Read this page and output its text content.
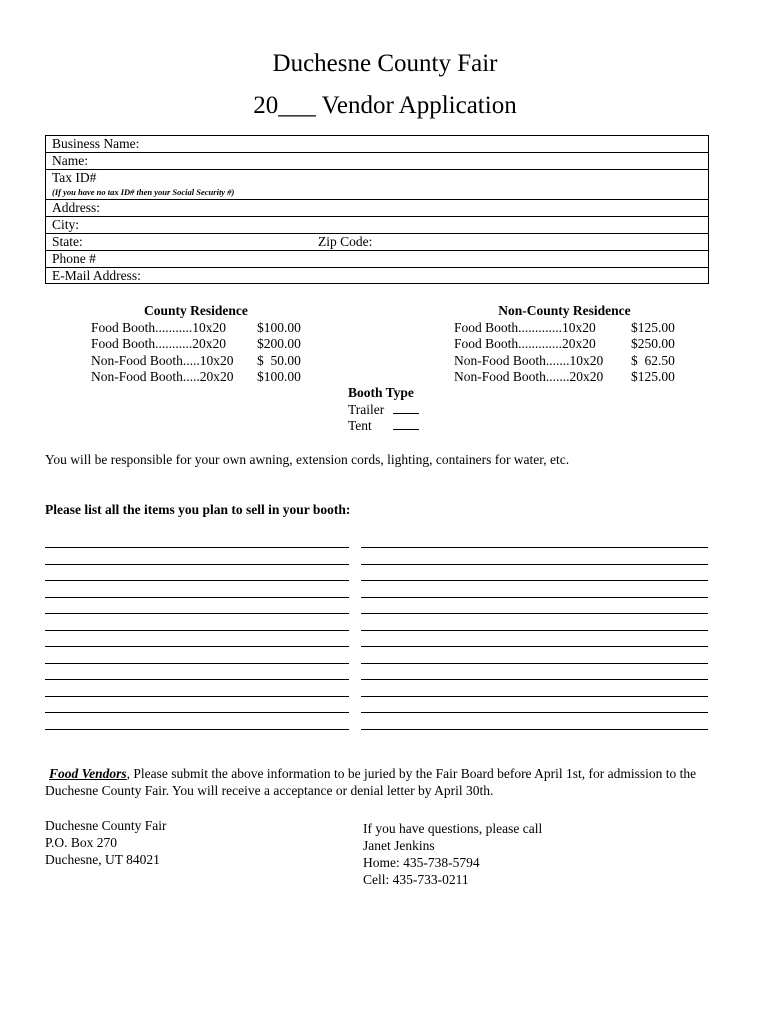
Duchesne County Fair
20___ Vendor Application
Business Name:
Name:
Tax ID#
(If you have no tax ID# then your Social Security #)
Address:
City:
State:	Zip Code:
Phone #
E-Mail Address:
County Residence
Food Booth...........10x20	$100.00
Food Booth...........20x20	$200.00
Non-Food Booth.....10x20	$  50.00
Non-Food Booth.....20x20	$100.00
Non-County Residence
Food Booth.............10x20	$125.00
Food Booth.............20x20	$250.00
Non-Food Booth.......10x20	$  62.50
Non-Food Booth.......20x20	$125.00
Booth Type
Trailer
Tent
You will be responsible for your own awning, extension cords, lighting, containers for water, etc.
Please list all the items you plan to sell in your booth:
Food Vendors, Please submit the above information to be juried by the Fair Board before April 1st, for admission to the
Duchesne County Fair. You will receive a acceptance or denial letter by April 30th.
Duchesne County Fair
P.O. Box 270
Duchesne, UT 84021
If you have questions, please call
Janet Jenkins
Home: 435-738-5794
Cell: 435-733-0211
